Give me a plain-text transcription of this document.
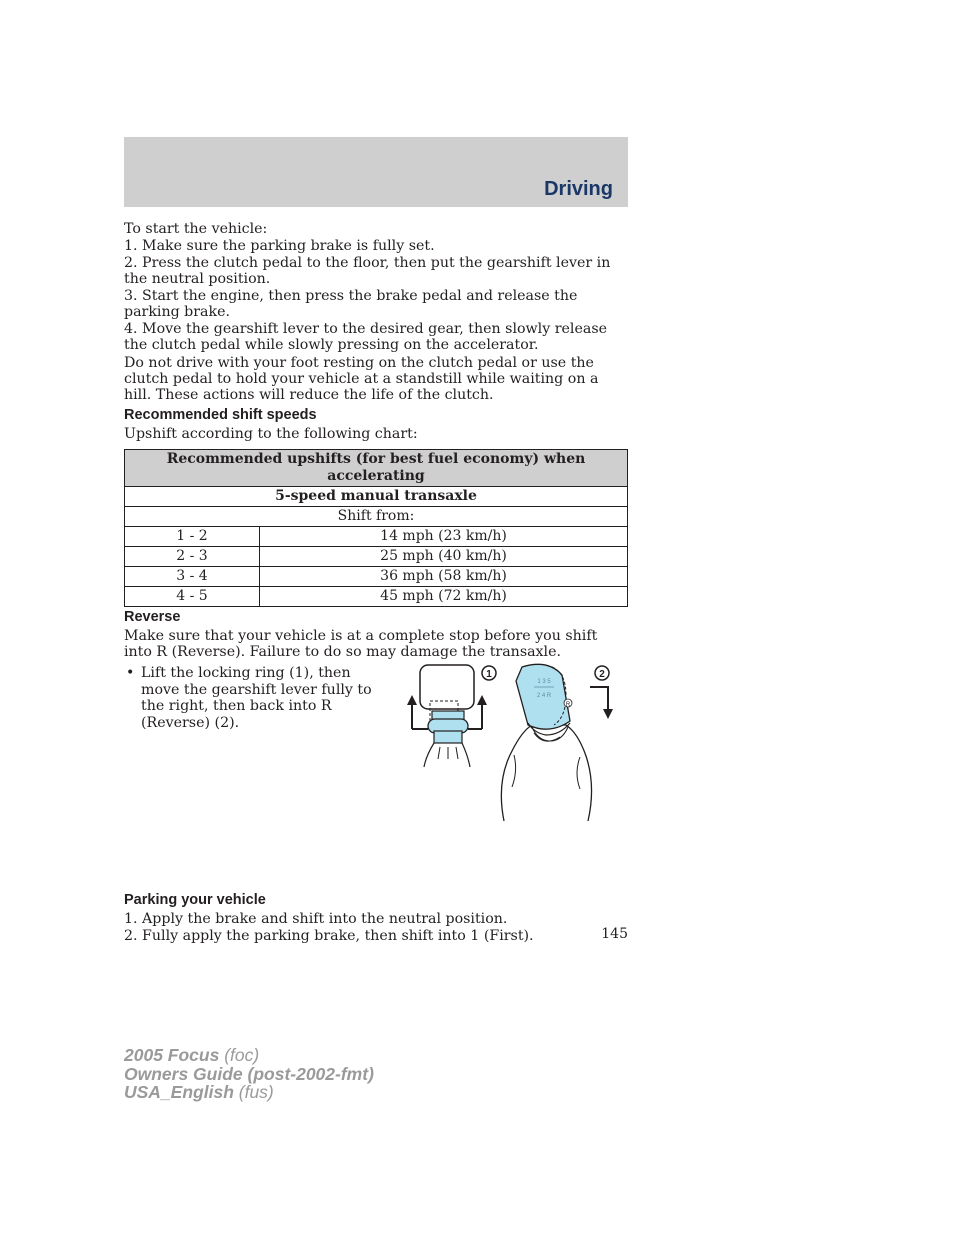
Driving

To start the vehicle:

1. Make sure the parking brake is fully set.

2. Press the clutch pedal to the floor, then put the gearshift lever in the neutral position.

3. Start the engine, then press the brake pedal and release the parking brake.

4. Move the gearshift lever to the desired gear, then slowly release the clutch pedal while slowly pressing on the accelerator.

Do not drive with your foot resting on the clutch pedal or use the clutch pedal to hold your vehicle at a standstill while waiting on a hill. These actions will reduce the life of the clutch.

Recommended shift speeds

Upshift according to the following chart:

Recommended upshifts (for best fuel economy) when accelerating	
5-speed manual transaxle	
Shift from:	
1 - 2	14 mph (23 km/h)
2 - 3	25 mph (40 km/h)
3 - 4	36 mph (58 km/h)
4 - 5	45 mph (72 km/h)
Reverse

Make sure that your vehicle is at a complete stop before you shift into R (Reverse). Failure to do so may damage the transaxle.

• Lift the locking ring (1), then move the gearshift lever fully to the right, then back into R (Reverse) (2).
1
1 3 5
2 4 R
R
2
Parking your vehicle

1. Apply the brake and shift into the neutral position.

2. Fully apply the parking brake, then shift into 1 (First).	145
2005 Focus (foc)
Owners Guide (post-2002-fmt)
USA_English (fus)
